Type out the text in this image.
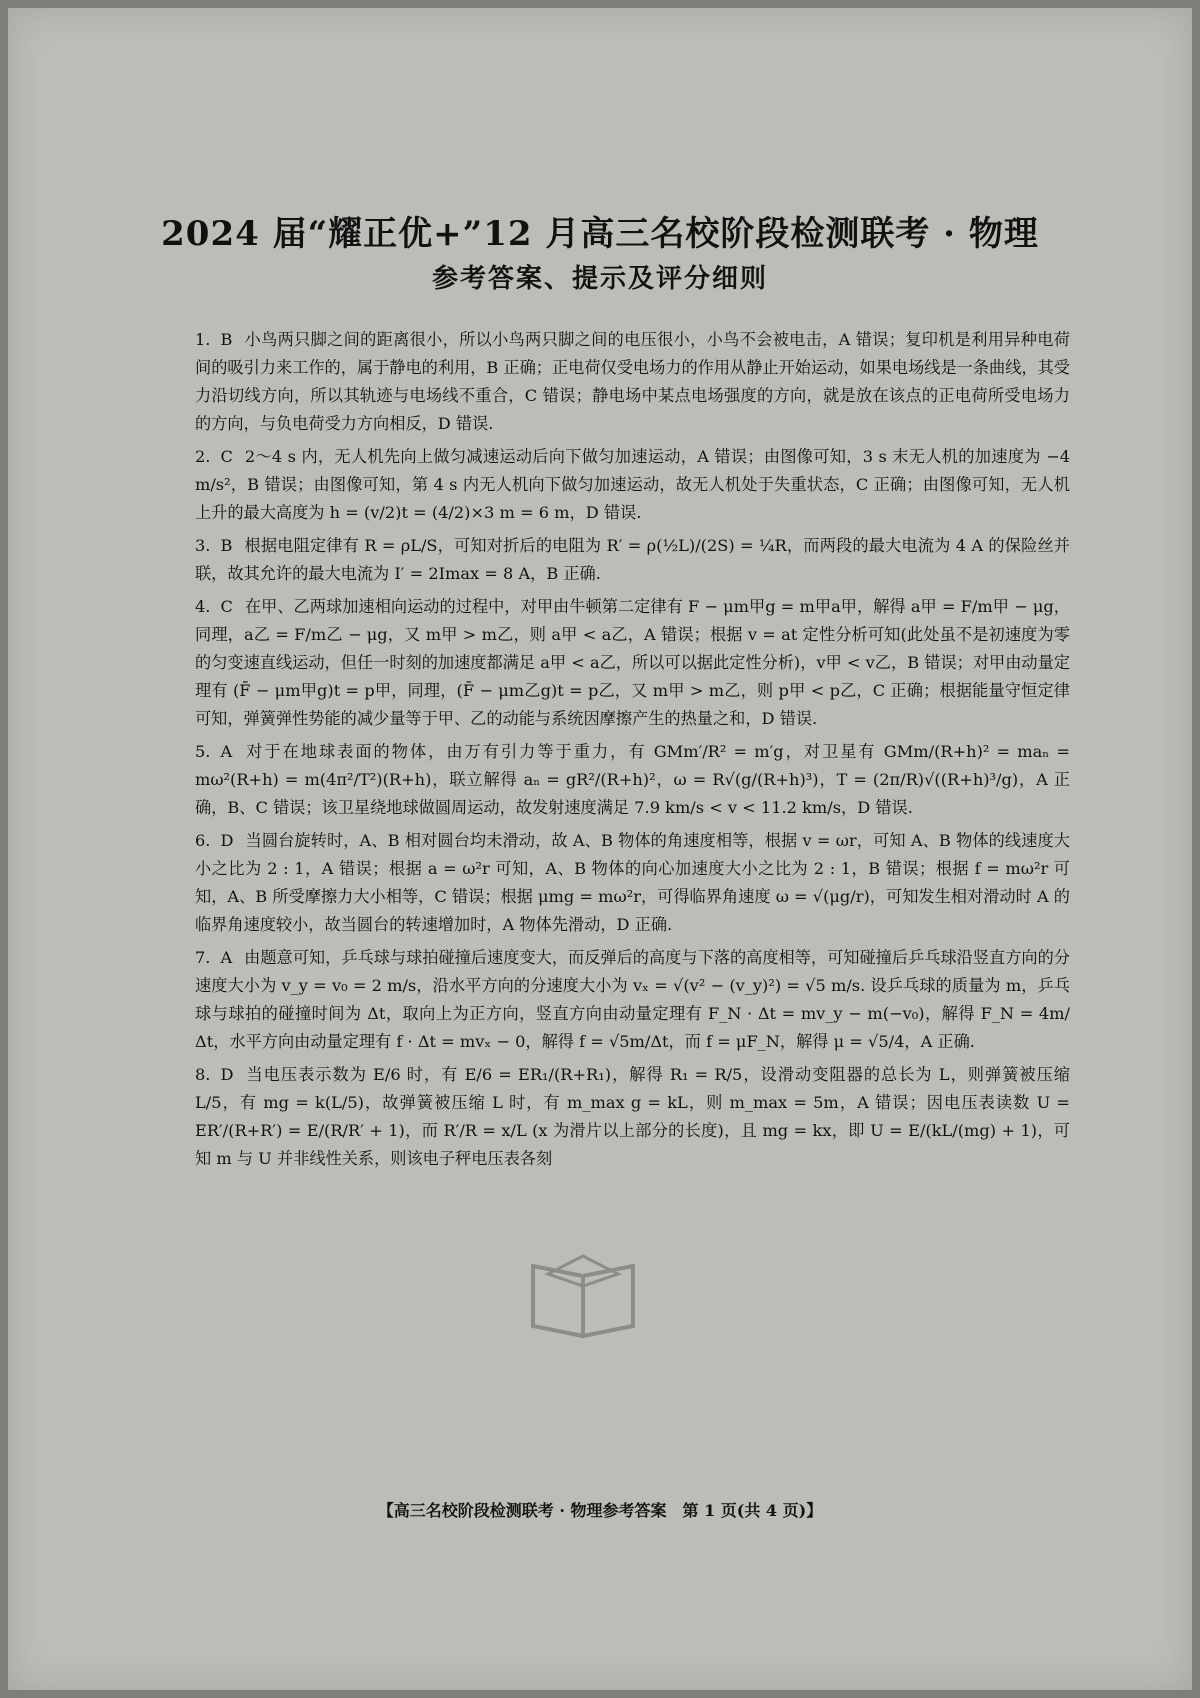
2024 届“耀正优+”12 月高三名校阶段检测联考 · 物理
参考答案、提示及评分细则

1. B 小鸟两只脚之间的距离很小，所以小鸟两只脚之间的电压很小，小鸟不会被电击，A 错误；复印机是利用异种电荷间的吸引力来工作的，属于静电的利用，B 正确；正电荷仅受电场力的作用从静止开始运动，如果电场线是一条曲线，其受力沿切线方向，所以其轨迹与电场线不重合，C 错误；静电场中某点电场强度的方向，就是放在该点的正电荷所受电场力的方向，与负电荷受力方向相反，D 错误.

2. C 2～4 s 内，无人机先向上做匀减速运动后向下做匀加速运动，A 错误；由图像可知，3 s 末无人机的加速度为 −4 m/s²，B 错误；由图像可知，第 4 s 内无人机向下做匀加速运动，故无人机处于失重状态，C 正确；由图像可知，无人机上升的最大高度为 h = (v/2)t = (4/2)×3 m = 6 m，D 错误.

3. B 根据电阻定律有 R = ρL/S，可知对折后的电阻为 R′ = ρ(½L)/(2S) = ¼R，而两段的最大电流为 4 A 的保险丝并联，故其允许的最大电流为 I′ = 2Imax = 8 A，B 正确.

4. C 在甲、乙两球加速相向运动的过程中，对甲由牛顿第二定律有 F − μm甲g = m甲a甲，解得 a甲 = F/m甲 − μg，同理，a乙 = F/m乙 − μg，又 m甲 > m乙，则 a甲 < a乙，A 错误；根据 v = at 定性分析可知(此处虽不是初速度为零的匀变速直线运动，但任一时刻的加速度都满足 a甲 < a乙，所以可以据此定性分析)，v甲 < v乙，B 错误；对甲由动量定理有 (F̄ − μm甲g)t = p甲，同理，(F̄ − μm乙g)t = p乙，又 m甲 > m乙，则 p甲 < p乙，C 正确；根据能量守恒定律可知，弹簧弹性势能的减少量等于甲、乙的动能与系统因摩擦产生的热量之和，D 错误.

5. A 对于在地球表面的物体，由万有引力等于重力，有 GMm′/R² = m′g，对卫星有 GMm/(R+h)² = maₙ = mω²(R+h) = m(4π²/T²)(R+h)，联立解得 aₙ = gR²/(R+h)²，ω = R√(g/(R+h)³)，T = (2π/R)√((R+h)³/g)，A 正确，B、C 错误；该卫星绕地球做圆周运动，故发射速度满足 7.9 km/s < v < 11.2 km/s，D 错误.

6. D 当圆台旋转时，A、B 相对圆台均未滑动，故 A、B 物体的角速度相等，根据 v = ωr，可知 A、B 物体的线速度大小之比为 2 : 1，A 错误；根据 a = ω²r 可知，A、B 物体的向心加速度大小之比为 2 : 1，B 错误；根据 f = mω²r 可知，A、B 所受摩擦力大小相等，C 错误；根据 μmg = mω²r，可得临界角速度 ω = √(μg/r)，可知发生相对滑动时 A 的临界角速度较小，故当圆台的转速增加时，A 物体先滑动，D 正确.

7. A 由题意可知，乒乓球与球拍碰撞后速度变大，而反弹后的高度与下落的高度相等，可知碰撞后乒乓球沿竖直方向的分速度大小为 v_y = v₀ = 2 m/s，沿水平方向的分速度大小为 vₓ = √(v² − (v_y)²) = √5 m/s. 设乒乓球的质量为 m，乒乓球与球拍的碰撞时间为 Δt，取向上为正方向，竖直方向由动量定理有 F_N · Δt = mv_y − m(−v₀)，解得 F_N = 4m/Δt，水平方向由动量定理有 f · Δt = mvₓ − 0，解得 f = √5m/Δt，而 f = μF_N，解得 μ = √5/4，A 正确.

8. D 当电压表示数为 E/6 时，有 E/6 = ER₁/(R+R₁)，解得 R₁ = R/5，设滑动变阻器的总长为 L，则弹簧被压缩 L/5，有 mg = k(L/5)，故弹簧被压缩 L 时，有 m_max g = kL，则 m_max = 5m，A 错误；因电压表读数 U = ER′/(R+R′) = E/(R/R′ + 1)，而 R′/R = x/L (x 为滑片以上部分的长度)，且 mg = kx，即 U = E/(kL/(mg) + 1)，可知 m 与 U 并非线性关系，则该电子秤电压表各刻

【高三名校阶段检测联考 · 物理参考答案　第 1 页(共 4 页)】
